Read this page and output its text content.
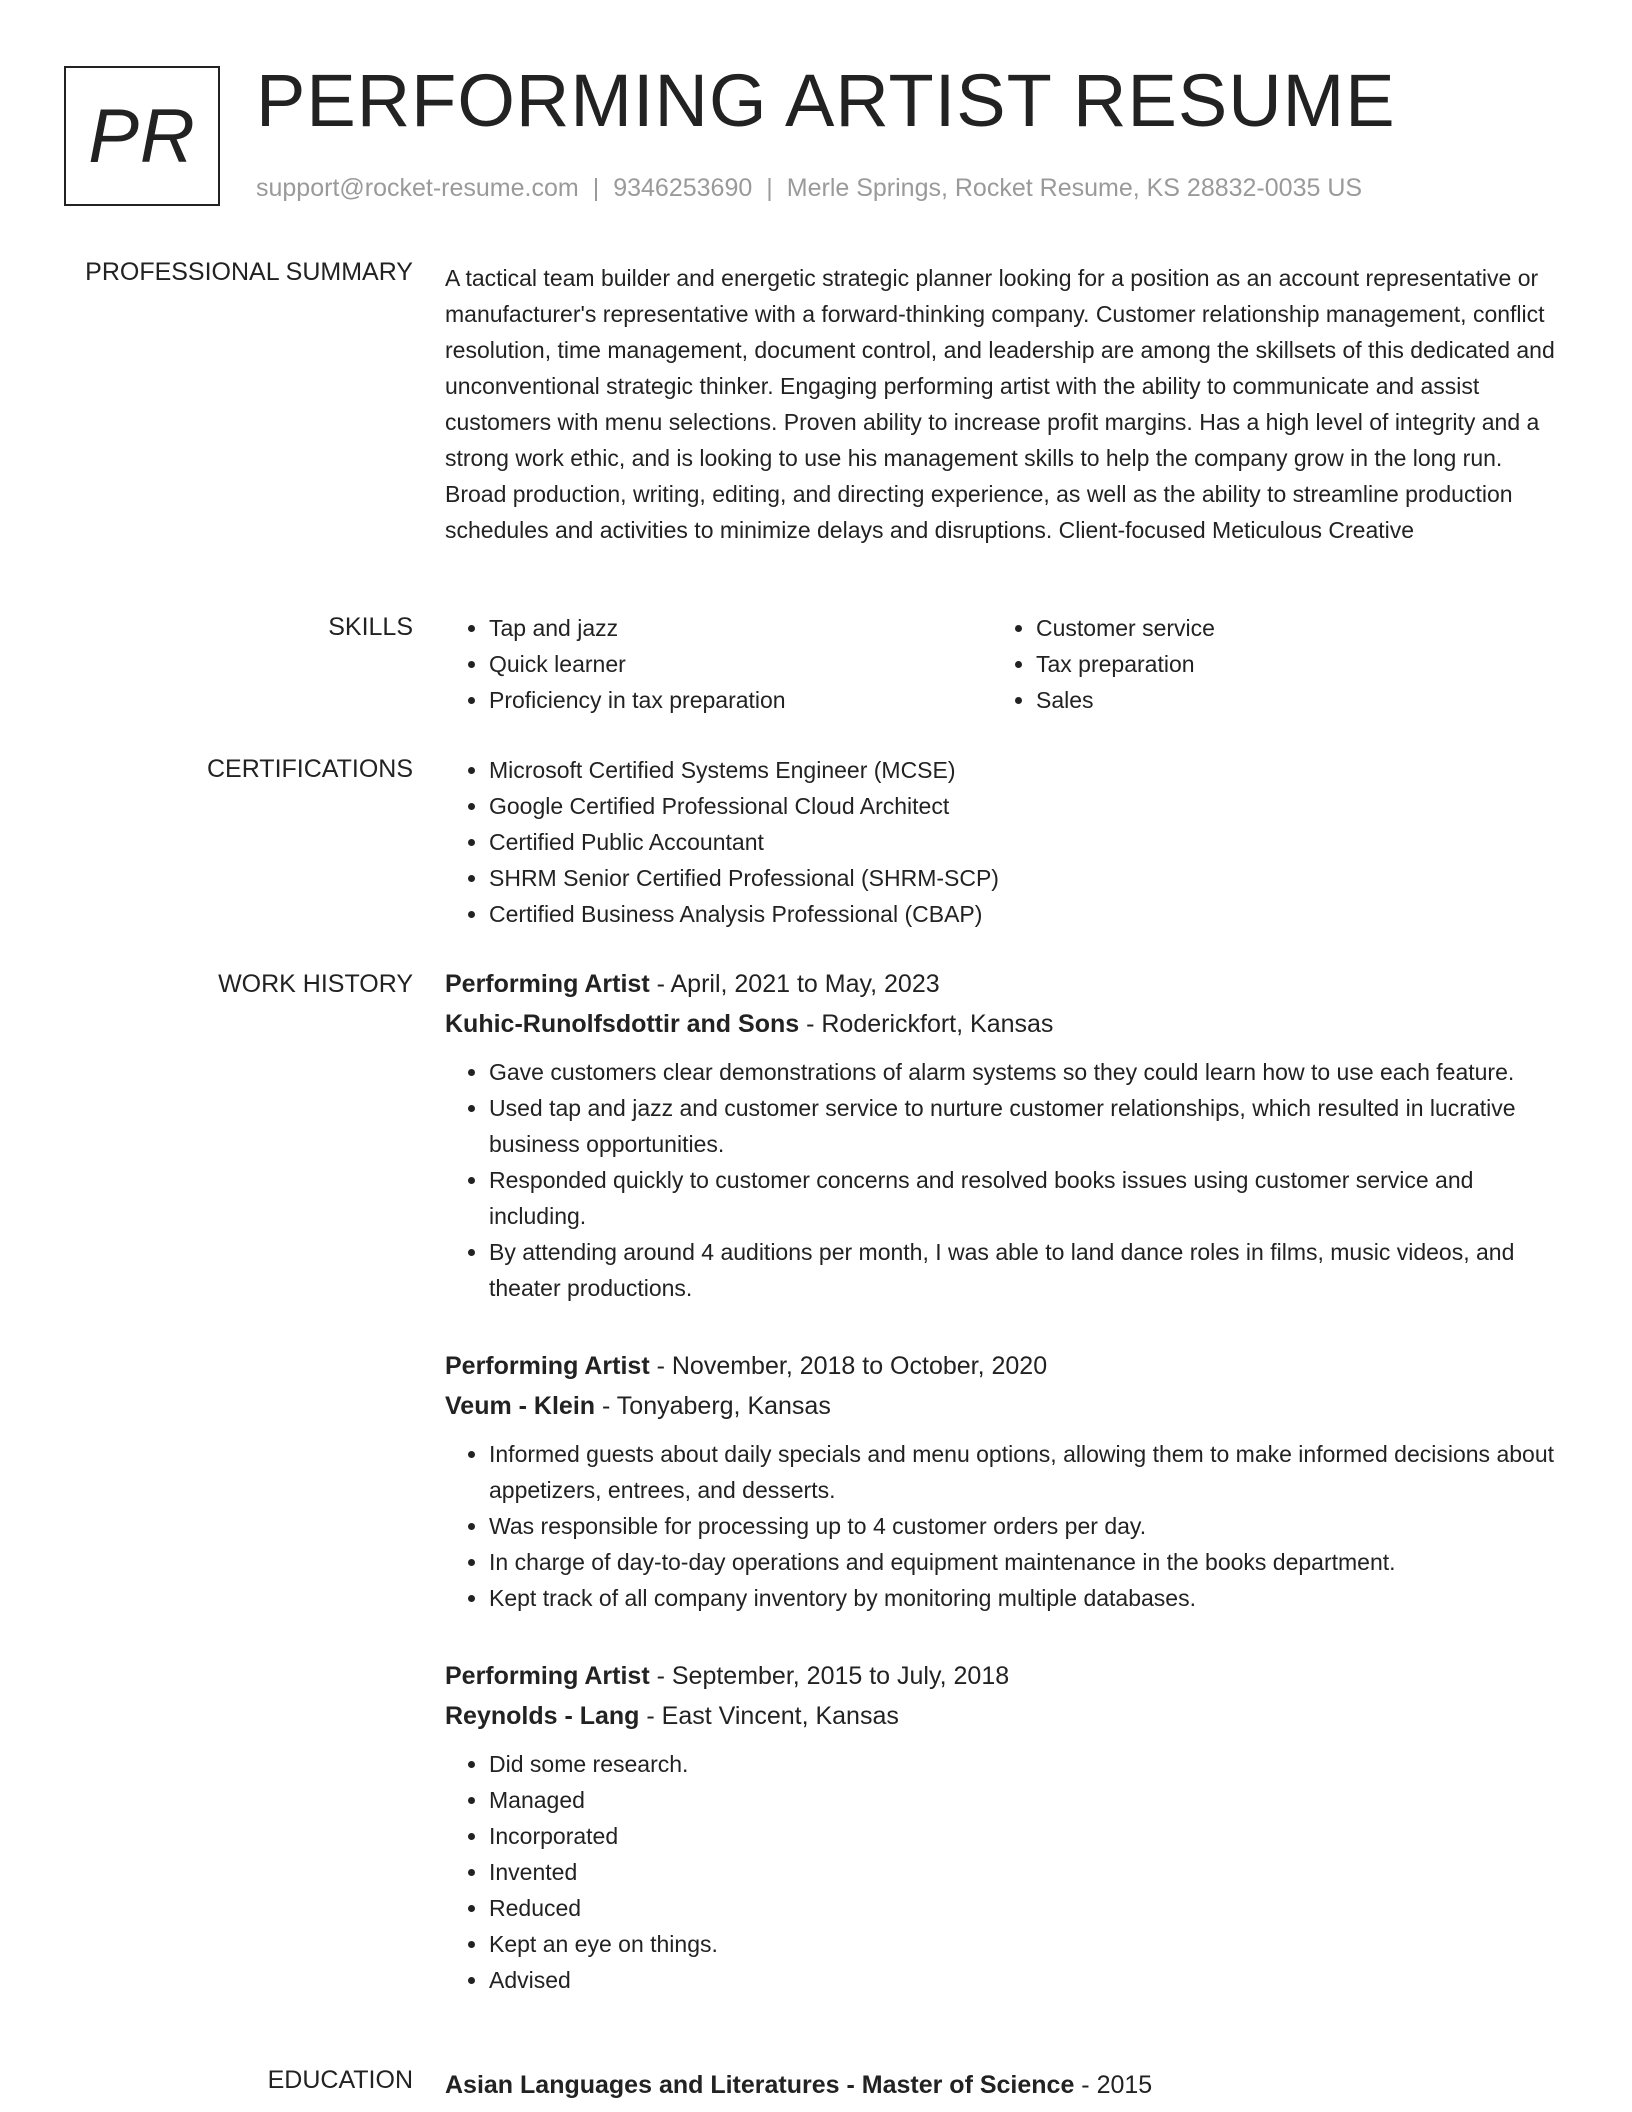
PR PERFORMING ARTIST RESUME
support@rocket-resume.com | 9346253690 | Merle Springs, Rocket Resume, KS 28832-0035 US
PROFESSIONAL SUMMARY A tactical team builder and energetic strategic planner looking for a position as an account representative or manufacturer's representative with a forward-thinking company. Customer relationship management, conflict resolution, time management, document control, and leadership are among the skillsets of this dedicated and unconventional strategic thinker. Engaging performing artist with the ability to communicate and assist customers with menu selections. Proven ability to increase profit margins. Has a high level of integrity and a strong work ethic, and is looking to use his management skills to help the company grow in the long run. Broad production, writing, editing, and directing experience, as well as the ability to streamline production schedules and activities to minimize delays and disruptions. Client-focused Meticulous Creative

SKILLS	• Tap and jazz
• Quick learner
• Proficiency in tax preparation
• Customer service
• Tax preparation
• Sales
CERTIFICATIONS	• Microsoft Certified Systems Engineer (MCSE)
• Google Certified Professional Cloud Architect
• Certified Public Accountant
• SHRM Senior Certified Professional (SHRM-SCP)
• Certified Business Analysis Professional (CBAP)
WORK HISTORY Performing Artist - April, 2021 to May, 2023
Kuhic-Runolfsdottir and Sons - Roderickfort, Kansas
• Gave customers clear demonstrations of alarm systems so they could learn how to use each feature.
• Used tap and jazz and customer service to nurture customer relationships, which resulted in lucrative business opportunities.
• Responded quickly to customer concerns and resolved books issues using customer service and including.
• By attending around 4 auditions per month, I was able to land dance roles in films, music videos, and theater productions.
Performing Artist - November, 2018 to October, 2020
Veum - Klein - Tonyaberg, Kansas
• Informed guests about daily specials and menu options, allowing them to make informed decisions about appetizers, entrees, and desserts.
• Was responsible for processing up to 4 customer orders per day.
• In charge of day-to-day operations and equipment maintenance in the books department.
• Kept track of all company inventory by monitoring multiple databases.
Performing Artist - September, 2015 to July, 2018
Reynolds - Lang - East Vincent, Kansas
• Did some research.
• Managed
• Incorporated
• Invented
• Reduced
• Kept an eye on things.
• Advised
EDUCATION Asian Languages and Literatures - Master of Science - 2015
